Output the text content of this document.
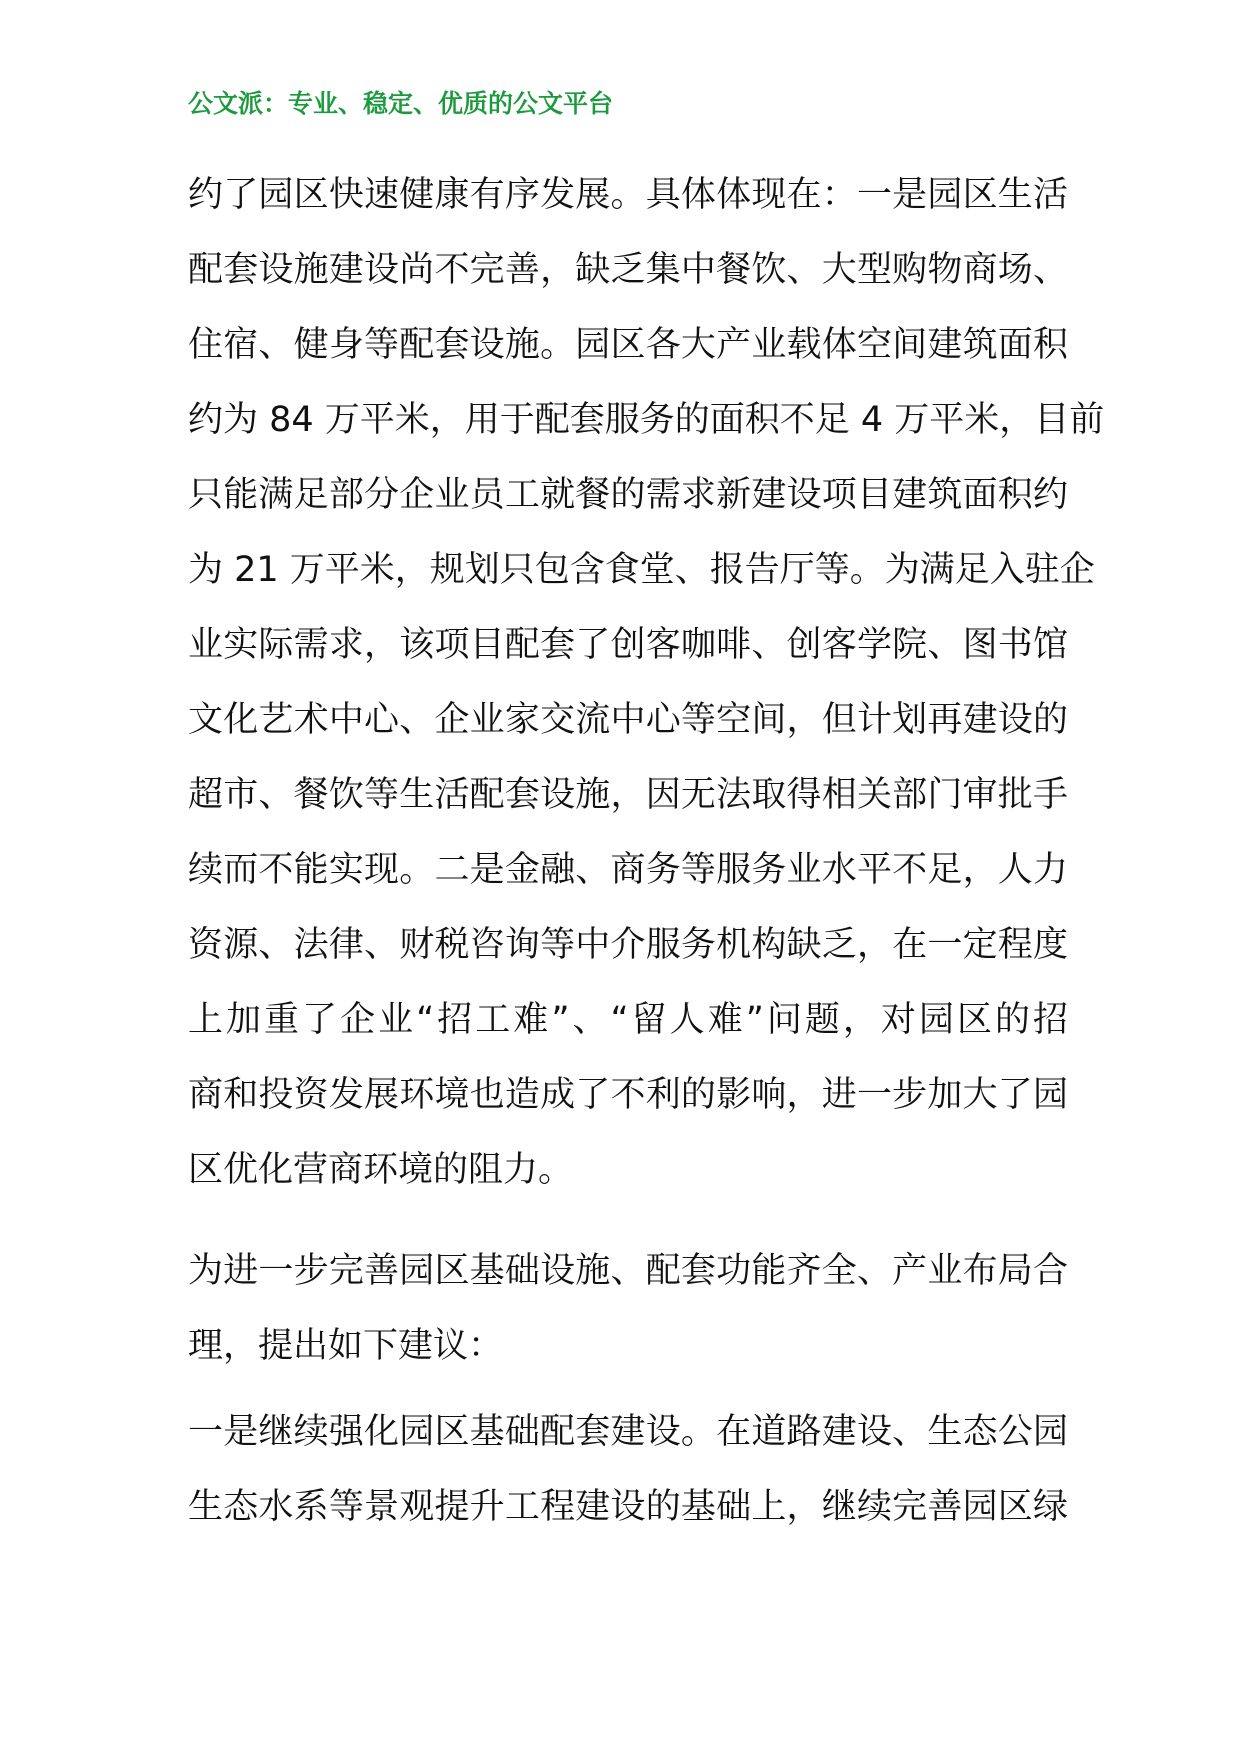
公文派：专业、稳定、优质的公文平台
约了园区快速健康有序发展。具体体现在：一是园区生活
配套设施建设尚不完善，缺乏集中餐饮、大型购物商场、
住宿、健身等配套设施。园区各大产业载体空间建筑面积
约为 84 万平米，用于配套服务的面积不足 4 万平米，目前
只能满足部分企业员工就餐的需求新建设项目建筑面积约
为 21 万平米，规划只包含食堂、报告厅等。为满足入驻企
业实际需求，该项目配套了创客咖啡、创客学院、图书馆
文化艺术中心、企业家交流中心等空间，但计划再建设的
超市、餐饮等生活配套设施，因无法取得相关部门审批手
续而不能实现。二是金融、商务等服务业水平不足，人力
资源、法律、财税咨询等中介服务机构缺乏，在一定程度
上加重了企业“招工难”、“留人难”问题，对园区的招
商和投资发展环境也造成了不利的影响，进一步加大了园
区优化营商环境的阻力。
为进一步完善园区基础设施、配套功能齐全、产业布局合
理，提出如下建议：
一是继续强化园区基础配套建设。在道路建设、生态公园
生态水系等景观提升工程建设的基础上，继续完善园区绿
